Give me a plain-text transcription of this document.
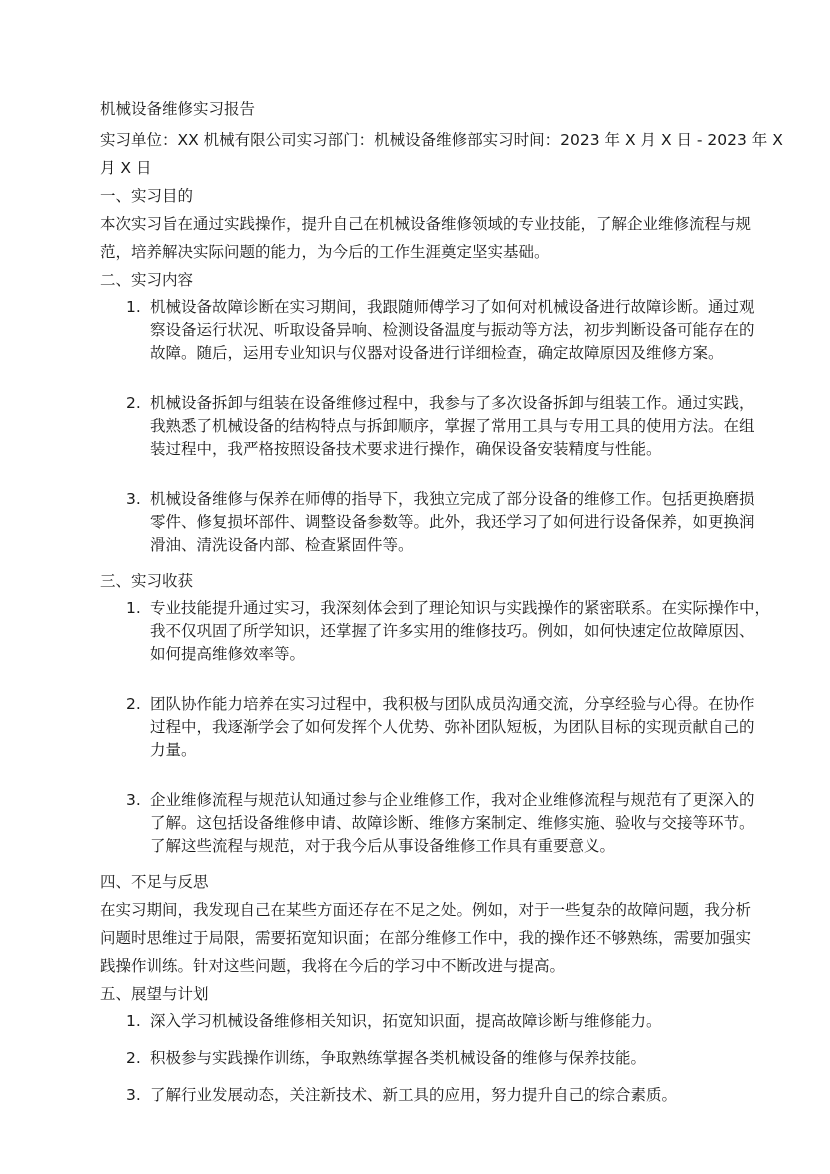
机械设备维修实习报告
实习单位：XX 机械有限公司实习部门：机械设备维修部实习时间：2023 年 X 月 X 日 - 2023 年 X
月 X 日
一、实习目的
本次实习旨在通过实践操作，提升自己在机械设备维修领域的专业技能，了解企业维修流程与规
范，培养解决实际问题的能力，为今后的工作生涯奠定坚实基础。
二、实习内容
1. 机械设备故障诊断在实习期间，我跟随师傅学习了如何对机械设备进行故障诊断。通过观
察设备运行状况、听取设备异响、检测设备温度与振动等方法，初步判断设备可能存在的
故障。随后，运用专业知识与仪器对设备进行详细检查，确定故障原因及维修方案。
2. 机械设备拆卸与组装在设备维修过程中，我参与了多次设备拆卸与组装工作。通过实践，
我熟悉了机械设备的结构特点与拆卸顺序，掌握了常用工具与专用工具的使用方法。在组
装过程中，我严格按照设备技术要求进行操作，确保设备安装精度与性能。
3. 机械设备维修与保养在师傅的指导下，我独立完成了部分设备的维修工作。包括更换磨损
零件、修复损坏部件、调整设备参数等。此外，我还学习了如何进行设备保养，如更换润
滑油、清洗设备内部、检查紧固件等。
三、实习收获
1. 专业技能提升通过实习，我深刻体会到了理论知识与实践操作的紧密联系。在实际操作中，
我不仅巩固了所学知识，还掌握了许多实用的维修技巧。例如，如何快速定位故障原因、
如何提高维修效率等。
2. 团队协作能力培养在实习过程中，我积极与团队成员沟通交流，分享经验与心得。在协作
过程中，我逐渐学会了如何发挥个人优势、弥补团队短板，为团队目标的实现贡献自己的
力量。
3. 企业维修流程与规范认知通过参与企业维修工作，我对企业维修流程与规范有了更深入的
了解。这包括设备维修申请、故障诊断、维修方案制定、维修实施、验收与交接等环节。
了解这些流程与规范，对于我今后从事设备维修工作具有重要意义。
四、不足与反思
在实习期间，我发现自己在某些方面还存在不足之处。例如，对于一些复杂的故障问题，我分析
问题时思维过于局限，需要拓宽知识面；在部分维修工作中，我的操作还不够熟练，需要加强实
践操作训练。针对这些问题，我将在今后的学习中不断改进与提高。
五、展望与计划
1. 深入学习机械设备维修相关知识，拓宽知识面，提高故障诊断与维修能力。
2. 积极参与实践操作训练，争取熟练掌握各类机械设备的维修与保养技能。
3. 了解行业发展动态，关注新技术、新工具的应用，努力提升自己的综合素质。
